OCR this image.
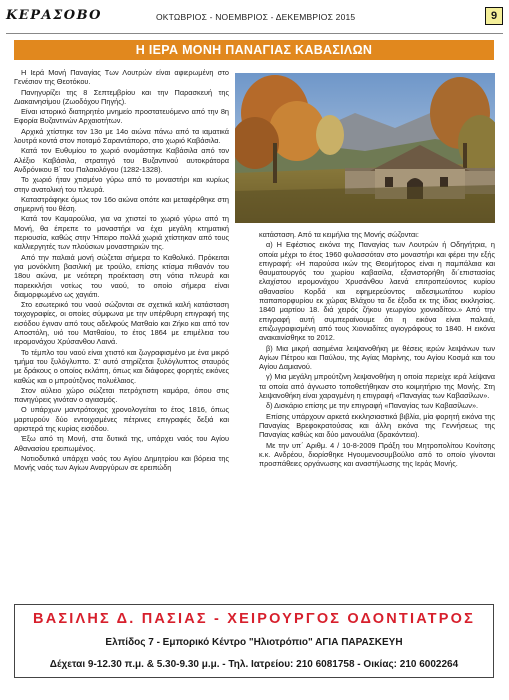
ΚΕΡΑΣΟΒΟ	ΟΚΤΩΒΡΙΟΣ - ΝΟΕΜΒΡΙΟΣ - ΔΕΚΕΜΒΡΙΟΣ 2015	9
Η ΙΕΡΑ ΜΟΝΗ ΠΑΝΑΓΙΑΣ ΚΑΒΑΣΙΛΩΝ

Η Ιερά Μονή Παναγίας Των Λουτρών είναι αφιερωμένη στο Γενέσιον της Θεοτόκου.

Πανηγυρίζει της 8 Σεπτεμβρίου και την Παρασκευή της Διακαινησίμου (Ζωοδόχου Πηγής).

Είναι ιστορικό διατηρητέο μνημείο προστατευόμενο από την 8η Εφορία Βυζαντινών Αρχαιοτήτων.

Αρχικά χτίστηκε τον 13ο με 14ο αιώνα πάνω από τα ιαματικά λουτρά κοντά στον ποταμό Σαραντάπορο, στο χωριό Καβάσιλα.

Κατά τον Ευθυμίου το χωριό ονομάστηκε Καβάσιλα από τον Αλέξιο Καβάσιλα, στρατηγό του Βυζαντινού αυτοκράτορα Ανδρόνικου Β΄ του Παλαιολόγου (1282-1328).

Το χωριό ήταν χτισμένο γύρω από το μοναστήρι και κυρίως στην ανατολική του πλευρά.

Καταστράφηκε όμως τον 16ο αιώνα οπότε και μεταφέρθηκε στη σημερινή του θέση.

Κατά τον Καμαρούλια, για να χτιστεί το χωριό γύρω από τη Μονή, θα έπρεπε το μοναστήρι να έχει μεγάλη κτηματική περιουσία, καθώς στην Ήπειρο πολλά χωριά χτίστηκαν από τους καλλιεργητές των πλούσιων μοναστηριών της.

Από την παλαιά μονή σώζεται σήμερα το Καθολικό. Πρόκειται για μονόκλιτη βασιλική με τρούλο, επίσης κτίσμα πιθανόν του 18ου αιώνα, με νεότερη προέκταση στη νότια πλευρά και παρεκκλήσι νοτίως του ναού, το οποίο σήμερα είναι διαμορφωμένο ως χαγιάτι.

Στο εσωτερικό του ναού σώζονται σε σχετικά καλή κατάσταση τοιχογραφίες, οι οποίες σύμφωνα με την υπέρθυρη επιγραφή της εισόδου έγιναν από τους αδελφούς Ματθαίο και Ζήκο και από τον Αποστόλη, υιό του Ματθαίου, το έτος 1864 με επιμέλεια του ιερομονάχου Χρύσανθου Λαινά.

Το τέμπλο του ναού είναι χτιστό και ζωγραφισμένο με ένα μικρό τμήμα του ξυλόγλυπτο. Σ' αυτό στηρίζεται ξυλόγλυπτος σταυρός με δράκους ο οποίος εκλάπη, όπως και διάφορες φορητές εικόνες καθώς και ο μπρούτζινος πολυέλαιος.

Στον αύλειο χώρο σώζεται πετρόχτιστη καμάρα, όπου στις πανηγύρεις γινόταν ο αγιασμός.

Ο υπάρχων μαντρότοιχος χρονολογείται το έτος 1816, όπως μαρτυρούν δύο εντοιχισμένες πέτρινες επιγραφές δεξιά και αριστερά της κυρίας εισόδου.

Έξω από τη Μονή, στα δυτικά της, υπάρχει ναός του Αγίου Αθανασίου ερειπωμένος.

Νοτιοδυτικά υπάρχει ναός του Αγίου Δημητρίου και βόρεια της Μονής ναός των Αγίων Αναργύρων σε ερειπώδη

κατάσταση. Από τα κειμήλια της Μονής σώζονται:

α) Η Εφέστιος εικόνα της Παναγίας των Λουτρών ή Οδηγήτρια, η οποία μέχρι το έτος 1960 φυλασσόταν στο μοναστήρι και φέρει την εξής επιγραφή: «Η παρούσα ικών της Θεομήτορος είναι η παμπάλαια και θαυματουργός του χωρίου καβασίλα, εξανιστορήθη δι΄επιστασίας ελαχίστου ιερομονάχου Χρυσάνθου λαενά επιτροπεύοντος κυρίου αθανασίου Κορδά και εφημερεύοντος αιδεσιμωτάτου κυρίου παπαπορφυρίου εκ χώρας Βλάχου τα δε έξοδα εκ της ίδιας εκκλησίας. 1840 μαρτίου 18. διά χειρός ζήκου γεωργίου χιονιαδίτου.» Από την επιγραφή αυτή συμπεραίνουμε ότι η εικόνα είναι παλαιά, επιζωγραφισμένη από τους Χιονιαδίτες αγιογράφους το 1840. Η εικόνα ανακαινίσθηκε το 2012.

β) Μια μικρή ασημένια λειψανοθήκη με θέσεις ιερών λειψάνων των Αγίων Πέτρου και Παύλου, της Αγίας Μαρίνης, του Αγίου Κοσμά και του Αγίου Δαμιανού.

γ) Μια μεγάλη μπρούτζινη λειψανοθήκη η οποία περιείχε ιερά λείψανα τα οποία από άγνωστο τοποθετήθηκαν στο κοιμητήριο της Μονής. Στη λειψανοθήκη είναι χαραγμένη η επιγραφή «Παναγίας των Καβασίλων».

δ) Δισκάριο επίσης με την επιγραφή «Παναγίας των Καβασίλων».

Επίσης υπάρχουν αρκετά εκκλησιαστικά βιβλία, μία φορητή εικόνα της Παναγίας Βρεφοκρατούσας και άλλη εικόνα της Γεννήσεως της Παναγίας καθώς και δύο μανουάλια (δρακόντεια).

Με την υπ΄ Αριθμ. 4 / 10-8-2009 Πράξη του Μητροπολίτου Κονίτσης κ.κ. Ανδρέου, διορίσθηκε Ηγουμενοσυμβούλιο από το οποίο γίνονται προσπάθειες οργάνωσης και αναστήλωσης της Ιεράς Μονής.

ΒΑΣΙΛΗΣ Δ. ΠΑΣΙΑΣ - ΧΕΙΡΟΥΡΓΟΣ ΟΔΟΝΤΙΑΤΡΟΣ
Ελπίδος 7 - Εμπορικό Κέντρο "Ηλιοτρόπιο" ΑΓΙΑ ΠΑΡΑΣΚΕΥΗ
Δέχεται 9-12.30 π.μ. & 5.30-9.30 μ.μ. - Τηλ. Ιατρείου: 210 6081758 - Οικίας: 210 6002264
